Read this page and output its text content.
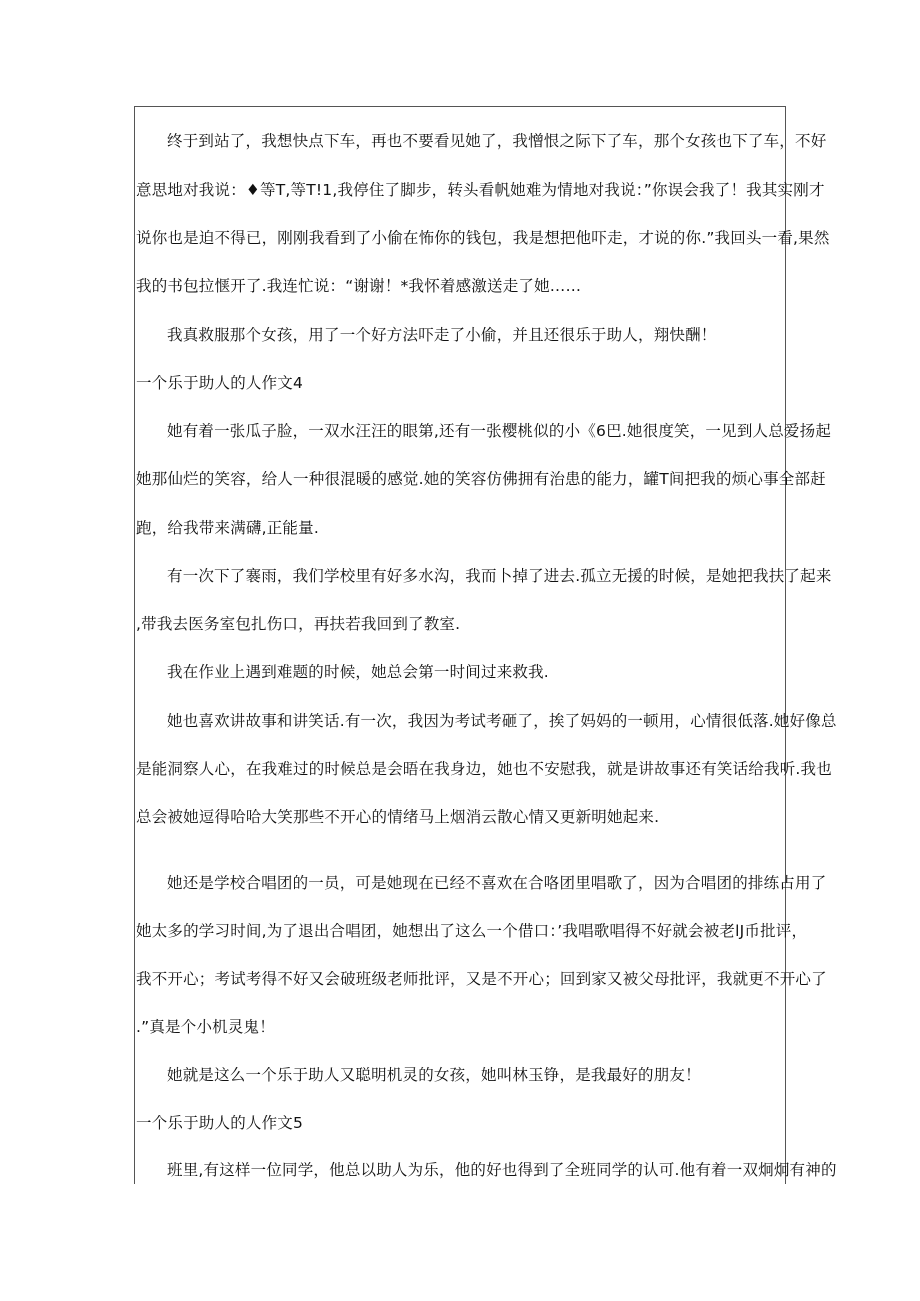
终于到站了，我想快点下车，再也不要看见她了，我憎恨之际下了车，那个女孩也下了车，不好
意思地对我说：♦等T,等T!1,我停住了脚步，转头看帆她难为情地对我说：”你误会我了！我其实刚才
说你也是迫不得已，刚刚我看到了小偷在怖你的钱包，我是想把他吓走，才说的你.”我回头一看,果然
我的书包拉惬开了.我连忙说：“谢谢！*我怀着感激送走了她……
我真救服那个女孩，用了一个好方法吓走了小偷，并且还很乐于助人，翔快酬！
一个乐于助人的人作文4
她有着一张瓜子脸，一双水汪汪的眼第,还有一张樱桃似的小《6巴.她很度笑，一见到人总爱扬起
她那仙烂的笑容，给人一种很混暖的感觉.她的笑容仿佛拥有治患的能力，罐T间把我的烦心事全部赶
跑，给我带来满礴,正能量.
有一次下了褰雨，我们学校里有好多水沟，我而卜掉了进去.孤立无援的时候，是她把我扶了起来
,带我去医务室包扎伤口，再扶若我回到了教室.
我在作业上遇到难题的时候，她总会第一时间过来救我.
她也喜欢讲故事和讲笑话.有一次，我因为考试考砸了，挨了妈妈的一顿用，心情很低落.她好像总
是能洞察人心，在我难过的时候总是会晤在我身边，她也不安慰我，就是讲故事还有笑话给我听.我也
总会被她逗得哈哈大笑那些不开心的情绪马上烟消云散心情又更新明她起来.
她还是学校合唱团的一员，可是她现在已经不喜欢在合咯团里唱歌了，因为合唱团的排练占用了
她太多的学习时间,为了退出合唱团，她想出了这么一个借口：’我唱歌唱得不好就会被老lJ币批评，
我不开心；考试考得不好又会破班级老师批评，又是不开心；回到家又被父母批评，我就更不开心了
.”真是个小机灵鬼！
她就是这么一个乐于助人又聪明机灵的女孩，她叫林玉铮，是我最好的朋友！
一个乐于助人的人作文5
班里,有这样一位同学，他总以助人为乐，他的好也得到了全班同学的认可.他有着一双炯炯有神的
